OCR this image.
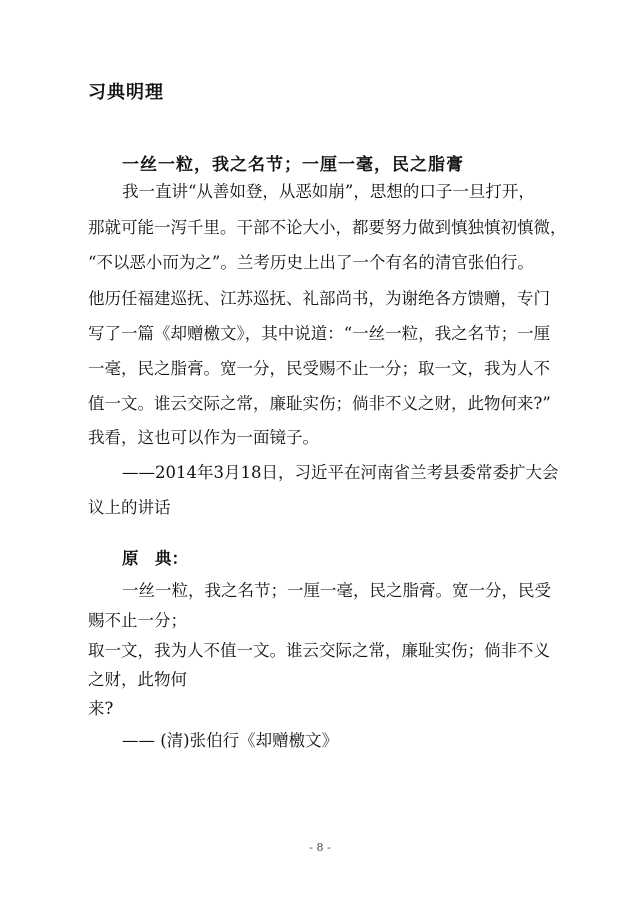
习典明理
一丝一粒，我之名节；一厘一毫，民之脂膏
我一直讲“从善如登，从恶如崩”，思想的口子一旦打开，
那就可能一泻千里。干部不论大小，都要努力做到慎独慎初慎微，
“不以恶小而为之”。兰考历史上出了一个有名的清官张伯行。
他历任福建巡抚、江苏巡抚、礼部尚书，为谢绝各方馈赠，专门
写了一篇《却赠檄文》，其中说道：“一丝一粒，我之名节；一厘
一毫，民之脂膏。宽一分，民受赐不止一分；取一文，我为人不
值一文。谁云交际之常，廉耻实伤；倘非不义之财，此物何来?”
我看，这也可以作为一面镜子。
——2014年3月18日，习近平在河南省兰考县委常委扩大会
议上的讲话
原　典：
一丝一粒，我之名节；一厘一毫，民之脂膏。宽一分，民受
赐不止一分；
取一文，我为人不值一文。谁云交际之常，廉耻实伤；倘非不义
之财，此物何
来?
—— (清)张伯行《却赠檄文》
- 8 -
